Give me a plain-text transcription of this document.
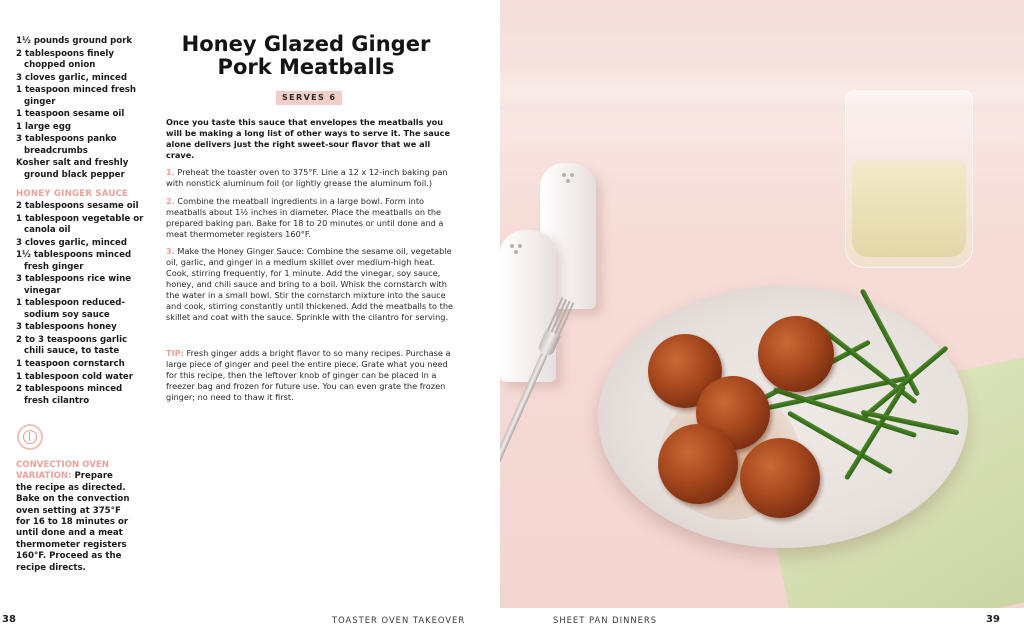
1½ pounds ground pork
2 tablespoons finely chopped onion
3 cloves garlic, minced
1 teaspoon minced fresh ginger
1 teaspoon sesame oil
1 large egg
3 tablespoons panko breadcrumbs
Kosher salt and freshly ground black pepper
HONEY GINGER SAUCE
2 tablespoons sesame oil
1 tablespoon vegetable or canola oil
3 cloves garlic, minced
1½ tablespoons minced fresh ginger
3 tablespoons rice wine vinegar
1 tablespoon reduced-sodium soy sauce
3 tablespoons honey
2 to 3 teaspoons garlic chili sauce, to taste
1 teaspoon cornstarch
1 tablespoon cold water
2 tablespoons minced fresh cilantro

CONVECTION OVEN VARIATION: Prepare the recipe as directed. Bake on the convection oven setting at 375°F for 16 to 18 minutes or until done and a meat thermometer registers 160°F. Proceed as the recipe directs.

Honey Glazed Ginger Pork Meatballs
SERVES 6

Once you taste this sauce that envelopes the meatballs you will be making a long list of other ways to serve it. The sauce alone delivers just the right sweet-sour flavor that we all crave.

1. Preheat the toaster oven to 375°F. Line a 12 x 12-inch baking pan with nonstick aluminum foil (or lightly grease the aluminum foil.)

2. Combine the meatball ingredients in a large bowl. Form into meatballs about 1½ inches in diameter. Place the meatballs on the prepared baking pan. Bake for 18 to 20 minutes or until done and a meat thermometer registers 160°F.

3. Make the Honey Ginger Sauce: Combine the sesame oil, vegetable oil, garlic, and ginger in a medium skillet over medium-high heat. Cook, stirring frequently, for 1 minute. Add the vinegar, soy sauce, honey, and chili sauce and bring to a boil. Whisk the cornstarch with the water in a small bowl. Stir the cornstarch mixture into the sauce and cook, stirring constantly until thickened. Add the meatballs to the skillet and coat with the sauce. Sprinkle with the cilantro for serving.

TIP: Fresh ginger adds a bright flavor to so many recipes. Purchase a large piece of ginger and peel the entire piece. Grate what you need for this recipe, then the leftover knob of ginger can be placed in a freezer bag and frozen for future use. You can even grate the frozen ginger; no need to thaw it first.

38	TOASTER OVEN TAKEOVER	SHEET PAN DINNERS	39
